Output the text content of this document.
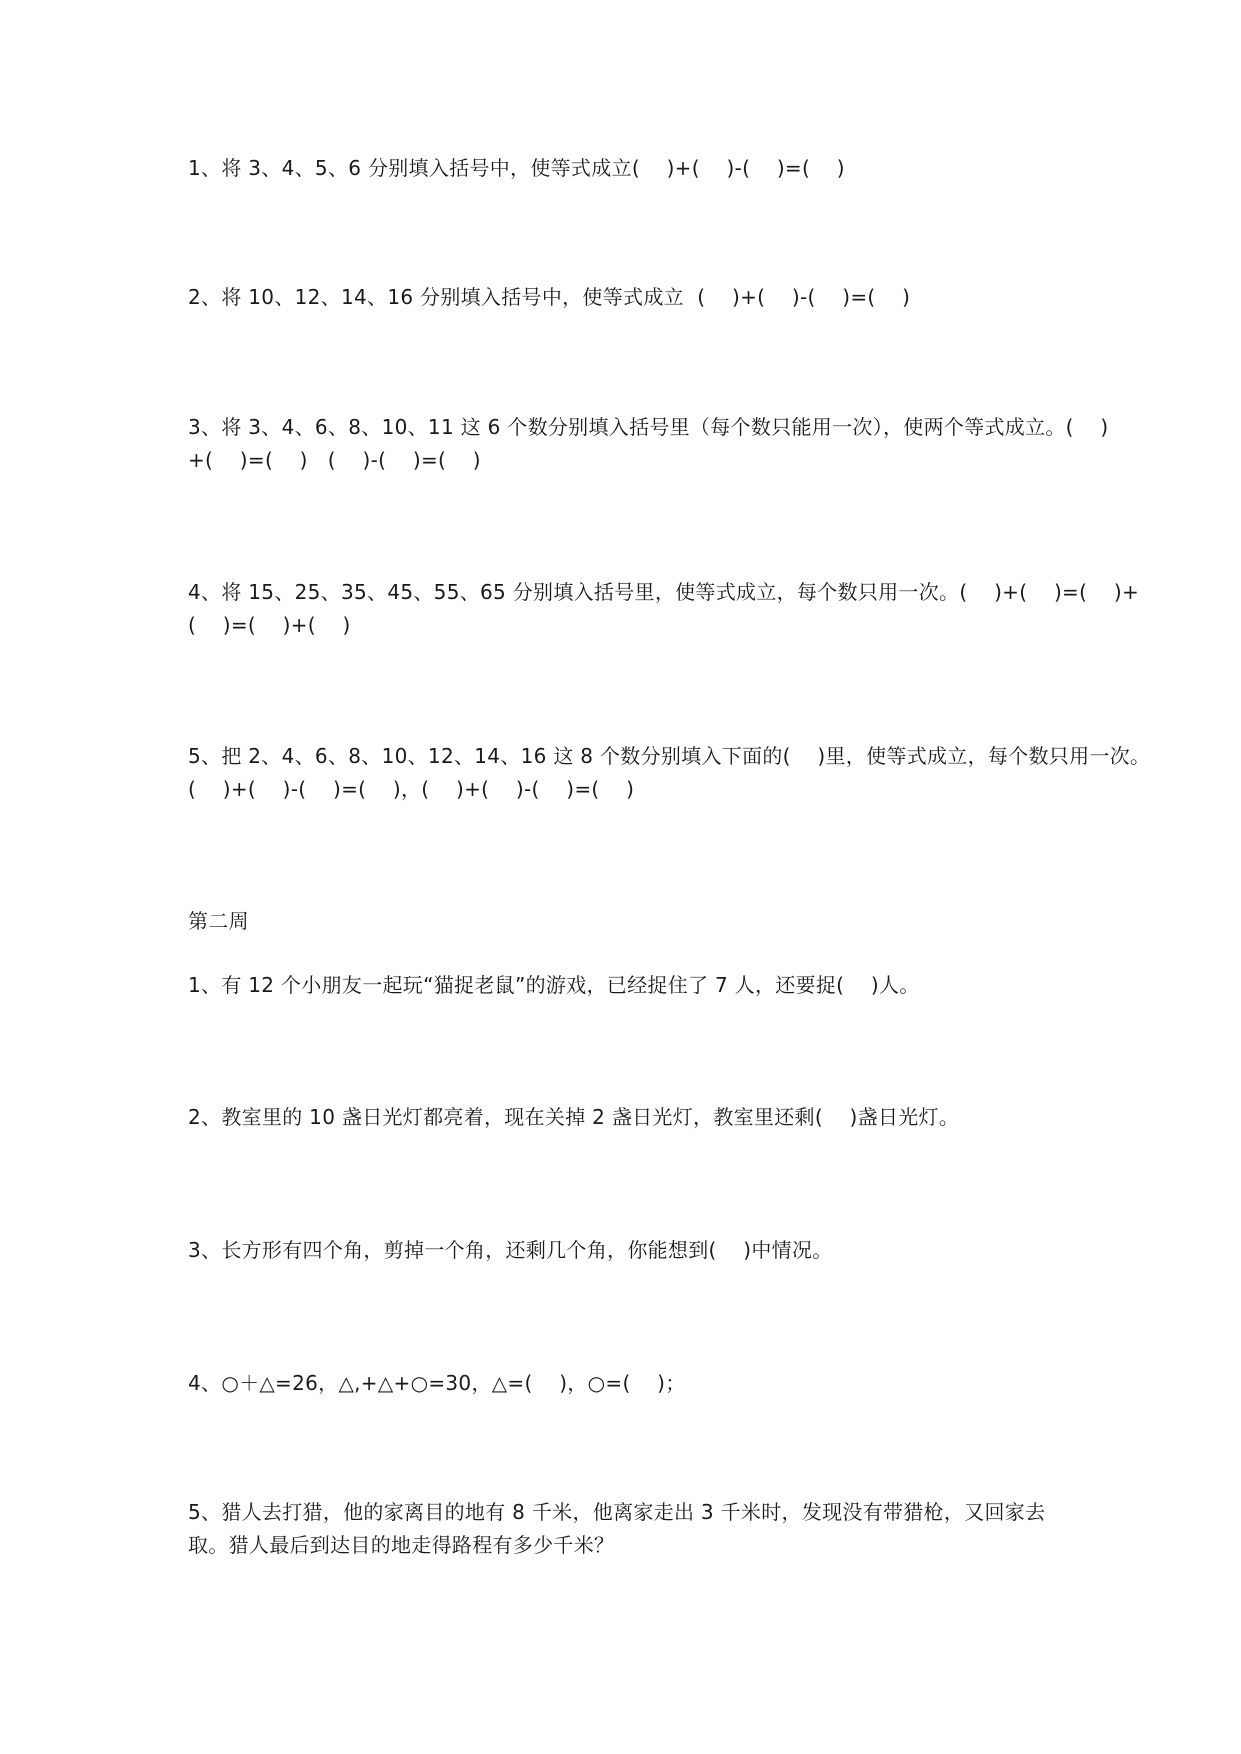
1、将 3、4、5、6 分别填入括号中，使等式成立(    )+(    )-(    )=(    )
2、将 10、12、14、16 分别填入括号中，使等式成立  (    )+(    )-(    )=(    )
3、将 3、4、6、8、10、11 这 6 个数分别填入括号里（每个数只能用一次），使两个等式成立。(    )
+(    )=(    )   (    )-(    )=(    )
4、将 15、25、35、45、55、65 分别填入括号里，使等式成立，每个数只用一次。(    )+(    )=(    )+
(    )=(    )+(    )
5、把 2、4、6、8、10、12、14、16 这 8 个数分别填入下面的(    )里，使等式成立，每个数只用一次。
(    )+(    )-(    )=(    )，(    )+(    )-(    )=(    )
第二周
1、有 12 个小朋友一起玩“猫捉老鼠”的游戏，已经捉住了 7 人，还要捉(    )人。
2、教室里的 10 盏日光灯都亮着，现在关掉 2 盏日光灯，教室里还剩(    )盏日光灯。
3、长方形有四个角，剪掉一个角，还剩几个角，你能想到(    )中情况。
4、○＋△=26，△,+△+○=30，△=(    )，○=(    )；
5、猎人去打猎，他的家离目的地有 8 千米，他离家走出 3 千米时，发现没有带猎枪，又回家去
取。猎人最后到达目的地走得路程有多少千米？
